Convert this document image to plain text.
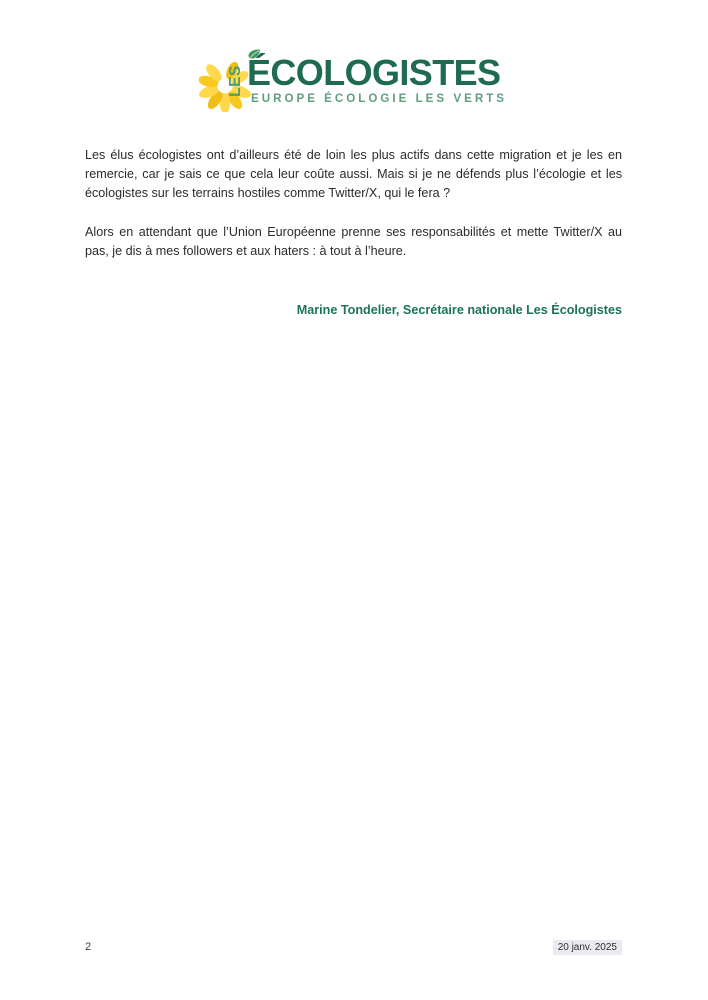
LES ÉCOLOGISTES
EUROPE ÉCOLOGIE LES VERTS

Les élus écologistes ont d’ailleurs été de loin les plus actifs dans cette migration et je les en remercie, car je sais ce que cela leur coûte aussi. Mais si je ne défends plus l’écologie et les écologistes sur les terrains hostiles comme Twitter/X, qui le fera ?

Alors en attendant que l’Union Européenne prenne ses responsabilités et mette Twitter/X au pas, je dis à mes followers et aux haters : à tout à l’heure.

Marine Tondelier, Secrétaire nationale Les Écologistes
2	20 janv. 2025
